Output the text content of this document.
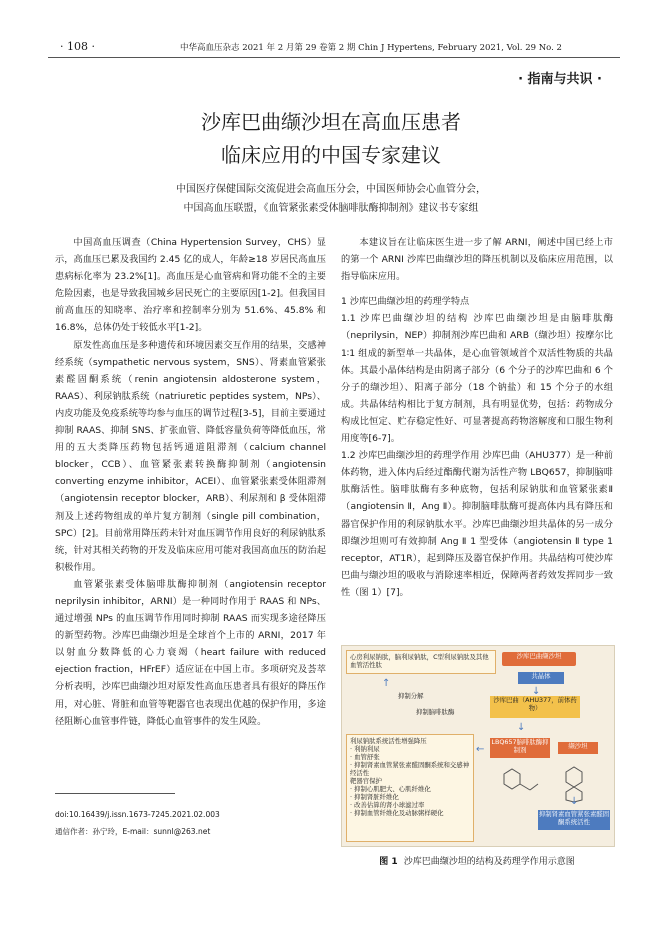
· 108 ·	中华高血压杂志 2021 年 2 月第 29 卷第 2 期 Chin J Hypertens, February 2021, Vol. 29 No. 2
· 指南与共识 ·
沙库巴曲缬沙坦在高血压患者
临床应用的中国专家建议
中国医疗保健国际交流促进会高血压分会，中国医师协会心血管分会，
中国高血压联盟，《血管紧张素受体脑啡肽酶抑制剂》建议书专家组

中国高血压调查（China Hypertension Survey，CHS）显示，高血压已累及我国约 2.45 亿的成人，年龄≥18 岁居民高血压患病标化率为 23.2%[1]。高血压是心血管病和肾功能不全的主要危险因素，也是导致我国城乡居民死亡的主要原因[1-2]。但我国目前高血压的知晓率、治疗率和控制率分别为 51.6%、45.8% 和 16.8%，总体仍处于较低水平[1-2]。

原发性高血压是多种遗传和环境因素交互作用的结果，交感神经系统（sympathetic nervous system，SNS）、肾素血管紧张素醛固酮系统（renin angiotensin aldosterone system，RAAS）、利尿钠肽系统（natriuretic peptides system，NPs）、内皮功能及免疫系统等均参与血压的调节过程[3-5]，目前主要通过抑制 RAAS、抑制 SNS、扩张血管、降低容量负荷等降低血压，常用的五大类降压药物包括钙通道阻滞剂（calcium channel blocker，CCB）、血管紧张素转换酶抑制剂（angiotensin converting enzyme inhibitor，ACEI）、血管紧张素受体阻滞剂（angiotensin receptor blocker，ARB）、利尿剂和 β 受体阻滞剂及上述药物组成的单片复方制剂（single pill combination，SPC）[2]。目前常用降压药未针对血压调节作用良好的利尿钠肽系统，针对其相关药物的开发及临床应用可能对我国高血压的防治起积极作用。

血管紧张素受体脑啡肽酶抑制剂（angiotensin receptor neprilysin inhibitor，ARNI）是一种同时作用于 RAAS 和 NPs、通过增强 NPs 的血压调节作用同时抑制 RAAS 而实现多途径降压的新型药物。沙库巴曲缬沙坦是全球首个上市的 ARNI，2017 年以射血分数降低的心力衰竭（heart failure with reduced ejection fraction，HFrEF）适应证在中国上市。多项研究及荟萃分析表明，沙库巴曲缬沙坦对原发性高血压患者具有很好的降压作用，对心脏、肾脏和血管等靶器官也表现出优越的保护作用，多途径阻断心血管事件链，降低心血管事件的发生风险。

doi:10.16439/j.issn.1673-7245.2021.02.003
通信作者：孙宁玲，E-mail：sunnl@263.net

本建议旨在让临床医生进一步了解 ARNI，阐述中国已经上市的第一个 ARNI 沙库巴曲缬沙坦的降压机制以及临床应用范围，以指导临床应用。

1 沙库巴曲缬沙坦的药理学特点

1.1 沙库巴曲缬沙坦的结构 沙库巴曲缬沙坦是由脑啡肽酶（neprilysin，NEP）抑制剂沙库巴曲和 ARB（缬沙坦）按摩尔比 1∶1 组成的新型单一共晶体，是心血管领域首个双活性物质的共晶体。其最小晶体结构是由阴离子部分（6 个分子的沙库巴曲和 6 个分子的缬沙坦）、阳离子部分（18 个钠盐）和 15 个分子的水组成。共晶体结构相比于复方制剂，具有明显优势，包括：药物成分构成比恒定、贮存稳定性好、可显著提高药物溶解度和口服生物利用度等[6-7]。

1.2 沙库巴曲缬沙坦的药理学作用 沙库巴曲（AHU377）是一种前体药物，进入体内后经过酯酶代谢为活性产物 LBQ657，抑制脑啡肽酶活性。脑啡肽酶有多种底物，包括利尿钠肽和血管紧张素Ⅱ（angiotensin Ⅱ，Ang Ⅱ）。抑制脑啡肽酶可提高体内具有降压和器官保护作用的利尿钠肽水平。沙库巴曲缬沙坦共晶体的另一成分即缬沙坦则可有效抑制 Ang Ⅱ 1 型受体（angiotensin Ⅱ type 1 receptor，AT1R），起到降压及器官保护作用。共晶结构可使沙库巴曲与缬沙坦的吸收与消除速率相近，保障两者药效发挥同步一致性（图 1）[7]。

心房利尿钠肽，脑利尿钠肽，C型利尿钠肽及其他血管活性肽
沙库巴曲缬沙坦
共晶体
抑制分解
抑制脑啡肽酶
沙库巴曲（AHU377，前体药物）
利尿钠肽系统活性增强降压
· 利钠利尿
· 血管舒张
· 抑制肾素血管紧张素醛固酮系统和交感神经活性
靶器官保护
· 抑制心肌肥大、心肌纤维化
· 抑制肾脏纤维化
· 改善估算的肾小球滤过率
· 抑制血管纤维化及动脉粥样硬化
LBQ657脑啡肽酶抑制剂	缬沙坦
抑制肾素血管紧张素醛固酮系统活性
↓
↓
↓
←
↑
图 1 沙库巴曲缬沙坦的结构及药理学作用示意图
